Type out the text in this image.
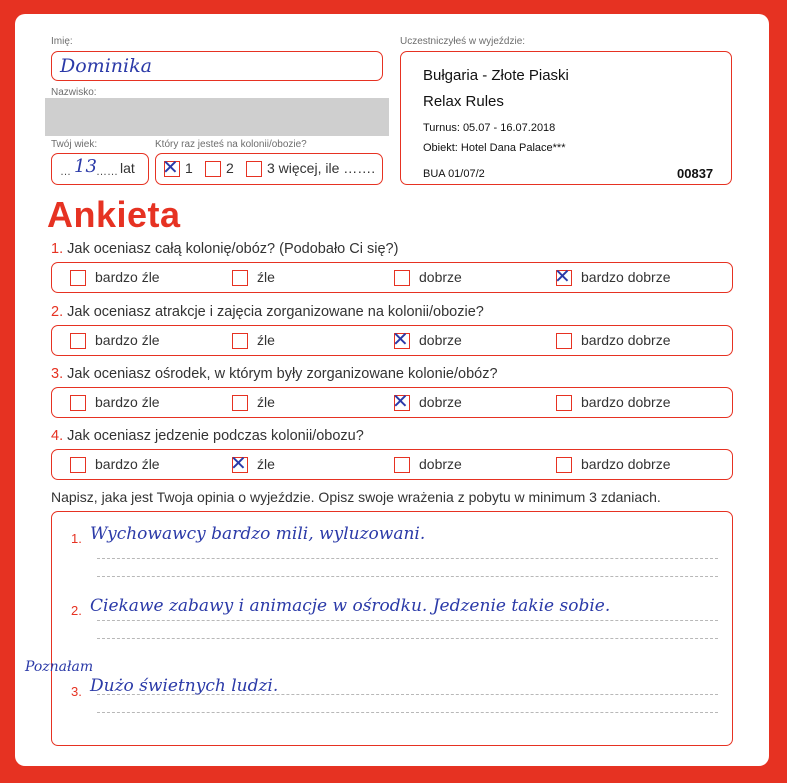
Imię:
Dominika
Nazwisko:
Twój wiek:
… 13 …… lat
Który raz jesteś na kolonii/obozie?
✕ 1 2 3 więcej, ile …….
Uczestniczyłeś w wyjeździe:
Bułgaria - Złote Piaski
Relax Rules
Turnus: 05.07 - 16.07.2018
Obiekt: Hotel Dana Palace***
BUA 01/07/2	00837
Ankieta
1. Jak oceniasz całą kolonię/obóz? (Podobało Ci się?)
bardzo źle	źle	dobrze	✕ bardzo dobrze
2. Jak oceniasz atrakcje i zajęcia zorganizowane na kolonii/obozie?
bardzo źle	źle	✕ dobrze	bardzo dobrze
3. Jak oceniasz ośrodek, w którym były zorganizowane kolonie/obóz?
bardzo źle	źle	✕ dobrze	bardzo dobrze
4. Jak oceniasz jedzenie podczas kolonii/obozu?
bardzo źle	✕ źle	dobrze	bardzo dobrze
Napisz, jaka jest Twoja opinia o wyjeździe. Opisz swoje wrażenia z pobytu w minimum 3 zdaniach.
1. Wychowawcy bardzo mili, wyluzowani.
2. Ciekawe zabawy i animacje w ośrodku. Jedzenie takie sobie.
3. Dużo świetnych ludzi.
Poznałam
